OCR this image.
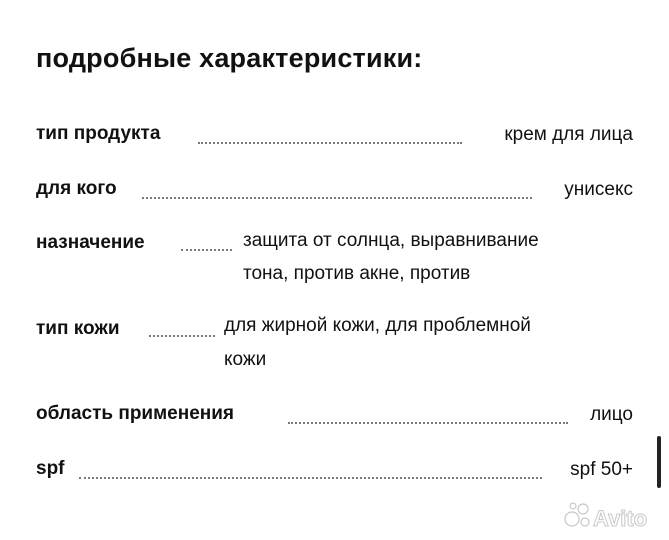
подробные характеристики:
тип продукта	крем для лица
для кого	унисекс
назначение	защита от солнца, выравнивание
тона, против акне, против
тип кожи	для жирной кожи, для проблемной
кожи
область применения	лицо
spf	spf 50+
Avito
